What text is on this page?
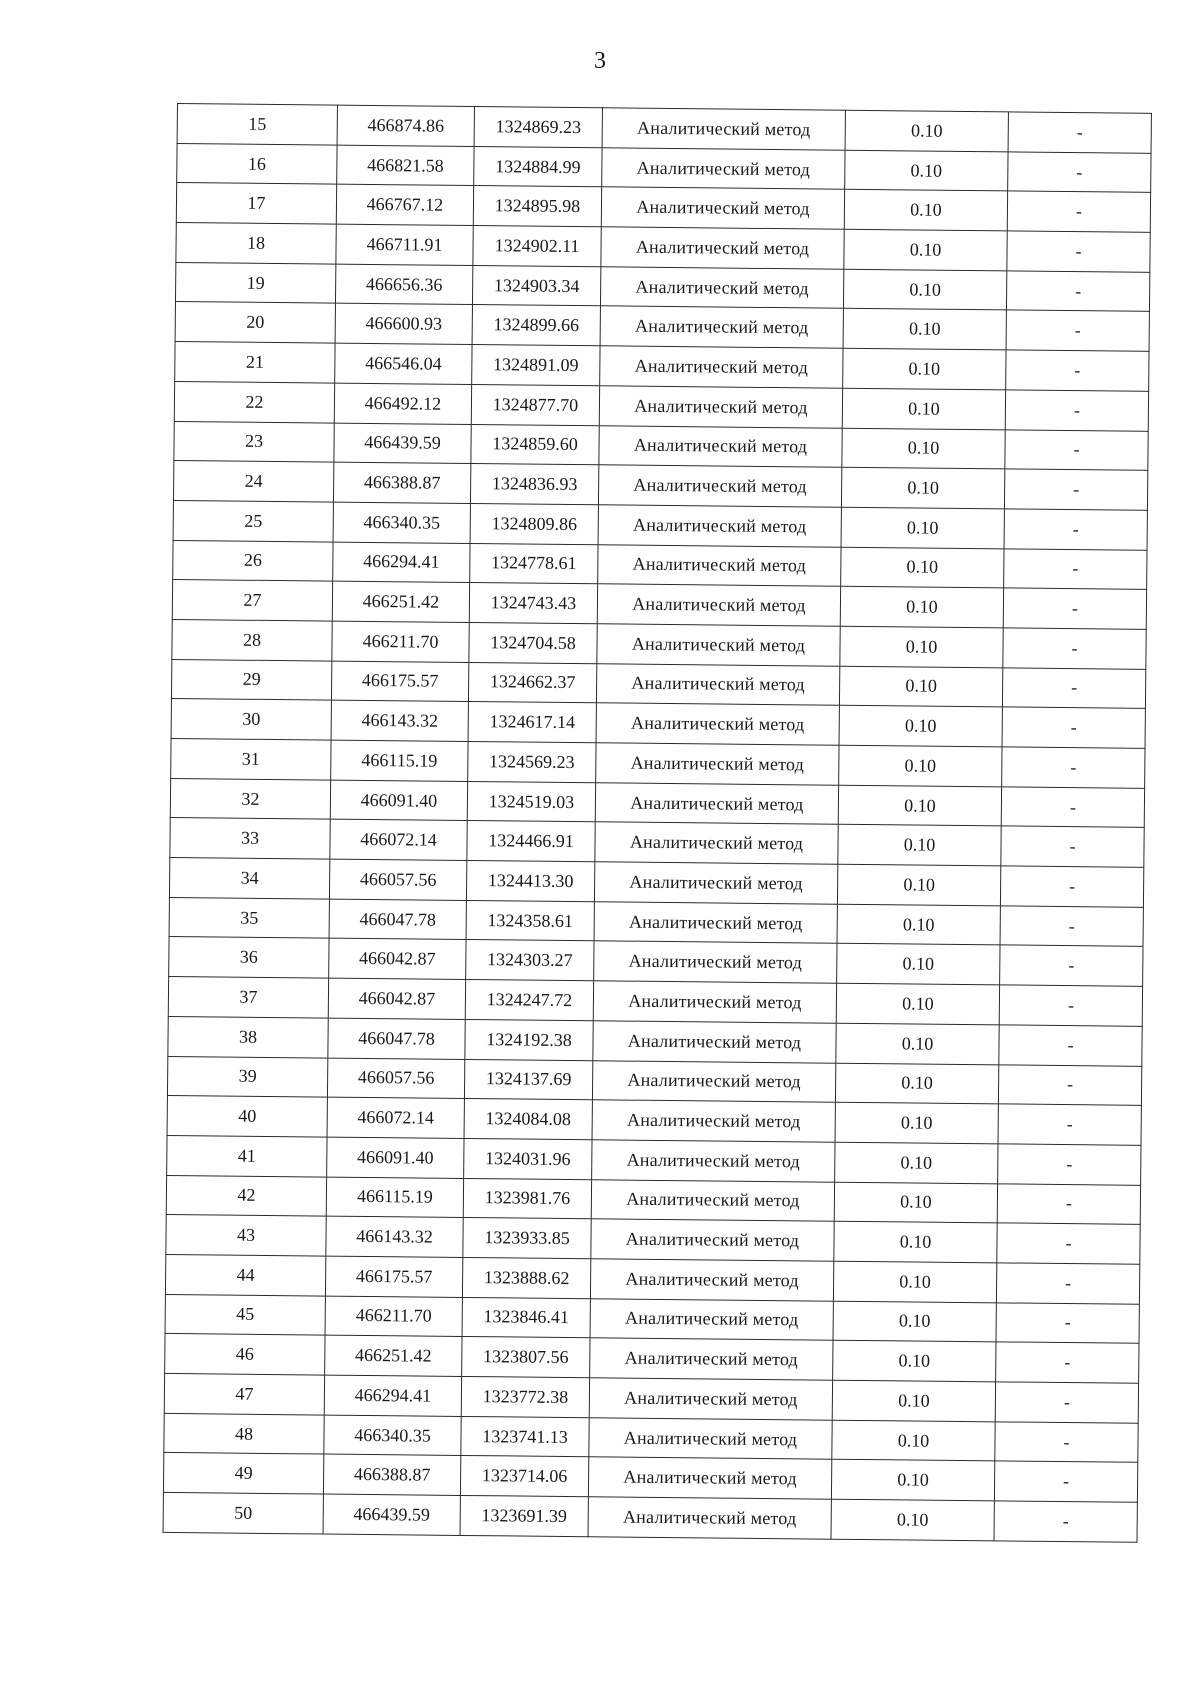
3
15	466874.86	1324869.23	Аналитический метод	0.10	-
16	466821.58	1324884.99	Аналитический метод	0.10	-
17	466767.12	1324895.98	Аналитический метод	0.10	-
18	466711.91	1324902.11	Аналитический метод	0.10	-
19	466656.36	1324903.34	Аналитический метод	0.10	-
20	466600.93	1324899.66	Аналитический метод	0.10	-
21	466546.04	1324891.09	Аналитический метод	0.10	-
22	466492.12	1324877.70	Аналитический метод	0.10	-
23	466439.59	1324859.60	Аналитический метод	0.10	-
24	466388.87	1324836.93	Аналитический метод	0.10	-
25	466340.35	1324809.86	Аналитический метод	0.10	-
26	466294.41	1324778.61	Аналитический метод	0.10	-
27	466251.42	1324743.43	Аналитический метод	0.10	-
28	466211.70	1324704.58	Аналитический метод	0.10	-
29	466175.57	1324662.37	Аналитический метод	0.10	-
30	466143.32	1324617.14	Аналитический метод	0.10	-
31	466115.19	1324569.23	Аналитический метод	0.10	-
32	466091.40	1324519.03	Аналитический метод	0.10	-
33	466072.14	1324466.91	Аналитический метод	0.10	-
34	466057.56	1324413.30	Аналитический метод	0.10	-
35	466047.78	1324358.61	Аналитический метод	0.10	-
36	466042.87	1324303.27	Аналитический метод	0.10	-
37	466042.87	1324247.72	Аналитический метод	0.10	-
38	466047.78	1324192.38	Аналитический метод	0.10	-
39	466057.56	1324137.69	Аналитический метод	0.10	-
40	466072.14	1324084.08	Аналитический метод	0.10	-
41	466091.40	1324031.96	Аналитический метод	0.10	-
42	466115.19	1323981.76	Аналитический метод	0.10	-
43	466143.32	1323933.85	Аналитический метод	0.10	-
44	466175.57	1323888.62	Аналитический метод	0.10	-
45	466211.70	1323846.41	Аналитический метод	0.10	-
46	466251.42	1323807.56	Аналитический метод	0.10	-
47	466294.41	1323772.38	Аналитический метод	0.10	-
48	466340.35	1323741.13	Аналитический метод	0.10	-
49	466388.87	1323714.06	Аналитический метод	0.10	-
50	466439.59	1323691.39	Аналитический метод	0.10	-
